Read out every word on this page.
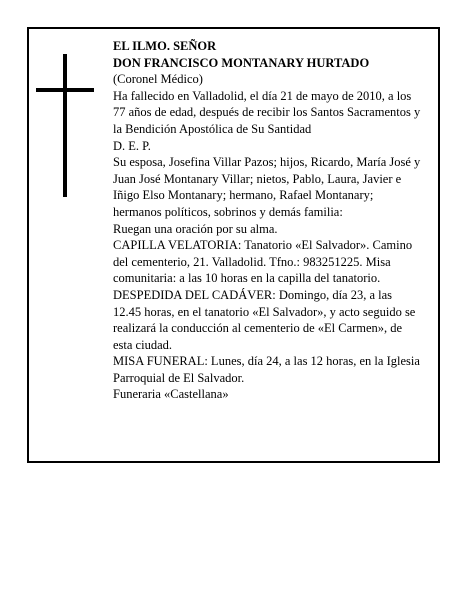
EL ILMO. SEÑOR

DON FRANCISCO MONTANARY HURTADO

(Coronel Médico)

Ha fallecido en Valladolid, el día 21 de mayo de 2010, a los 77 años de edad, después de recibir los Santos Sacramentos y la Bendición Apostólica de Su Santidad

D. E. P.

Su esposa, Josefina Villar Pazos; hijos, Ricardo, María José y Juan José Montanary Villar; nietos, Pablo, Laura, Javier e Iñigo Elso Montanary; hermano, Rafael Montanary; hermanos políticos, sobrinos y demás familia:

Ruegan una oración por su alma.

CAPILLA VELATORIA: Tanatorio «El Salvador». Camino del cementerio, 21. Valladolid. Tfno.: 983251225. Misa comunitaria: a las 10 horas en la capilla del tanatorio.

DESPEDIDA DEL CADÁVER: Domingo, día 23, a las 12.45 horas, en el tanatorio «El Salvador», y acto seguido se realizará la conducción al cementerio de «El Carmen», de esta ciudad.

MISA FUNERAL: Lunes, día 24, a las 12 horas, en la Iglesia Parroquial de El Salvador.

Funeraria «Castellana»
